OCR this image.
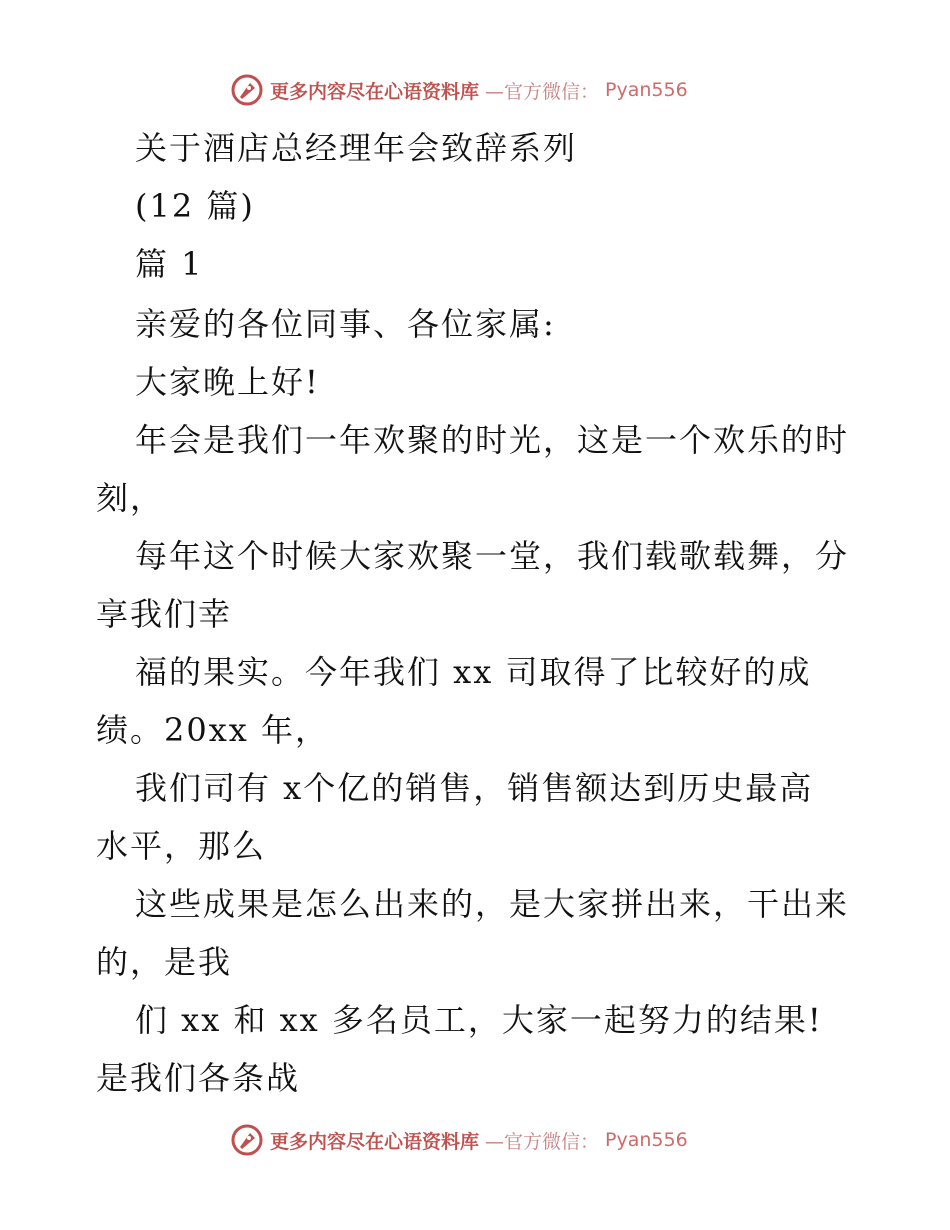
更多内容尽在心语资料库 —官方微信： Pyan556
关于酒店总经理年会致辞系列
(12 篇)
篇 1
亲爱的各位同事、各位家属:
大家晚上好!
年会是我们一年欢聚的时光，这是一个欢乐的时
刻，
每年这个时候大家欢聚一堂，我们载歌载舞，分
享我们幸
福的果实。今年我们 xx 司取得了比较好的成
绩。20xx 年，
我们司有 x个亿的销售，销售额达到历史最高
水平，那么
这些成果是怎么出来的，是大家拼出来，干出来
的，是我
们 xx 和 xx 多名员工，大家一起努力的结果!
是我们各条战
更多内容尽在心语资料库 —官方微信： Pyan556
